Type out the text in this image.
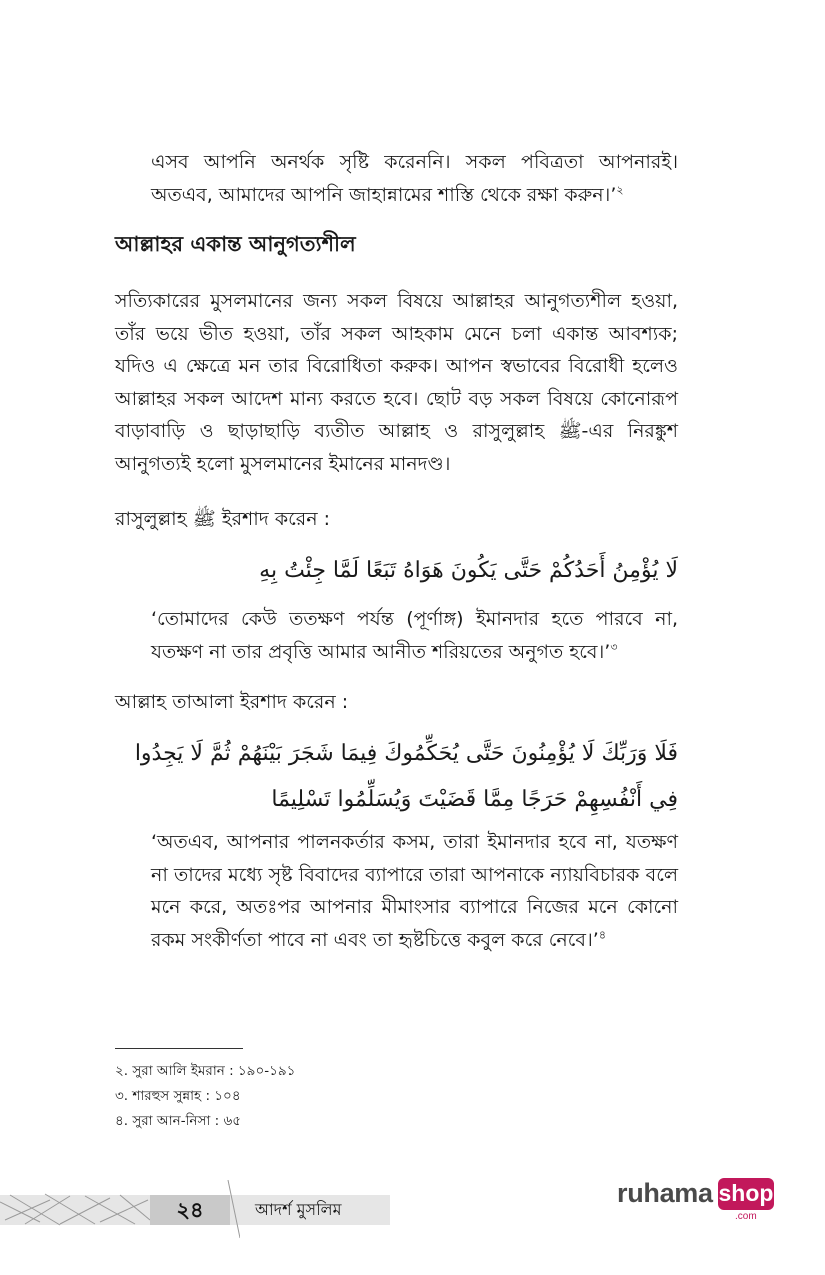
এসব আপনি অনর্থক সৃষ্টি করেননি। সকল পবিত্রতা আপনারই। অতএব, আমাদের আপনি জাহান্নামের শাস্তি থেকে রক্ষা করুন।’$^২$

আল্লাহর একান্ত আনুগত্যশীল

সত্যিকারের মুসলমানের জন্য সকল বিষয়ে আল্লাহর আনুগত্যশীল হওয়া, তাঁর ভয়ে ভীত হওয়া, তাঁর সকল আহকাম মেনে চলা একান্ত আবশ্যক; যদিও এ ক্ষেত্রে মন তার বিরোধিতা করুক। আপন স্বভাবের বিরোধী হলেও আল্লাহর সকল আদেশ মান্য করতে হবে। ছোট বড় সকল বিষয়ে কোনোরূপ বাড়াবাড়ি ও ছাড়াছাড়ি ব্যতীত আল্লাহ ও রাসুলুল্লাহ ﷺ-এর নিরঙ্কুশ আনুগত্যই হলো মুসলমানের ইমানের মানদণ্ড।

রাসুলুল্লাহ ﷺ ইরশাদ করেন :

لَا يُؤْمِنُ أَحَدُكُمْ حَتَّى يَكُونَ هَوَاهُ تَبَعًا لَمَّا جِئْتُ بِهِ

‘তোমাদের কেউ ততক্ষণ পর্যন্ত (পূর্ণাঙ্গ) ইমানদার হতে পারবে না, যতক্ষণ না তার প্রবৃত্তি আমার আনীত শরিয়তের অনুগত হবে।’$^৩$

আল্লাহ তাআলা ইরশাদ করেন :

فَلَا وَرَبِّكَ لَا يُؤْمِنُونَ حَتَّى يُحَكِّمُوكَ فِيمَا شَجَرَ بَيْنَهُمْ ثُمَّ لَا يَجِدُوا فِي أَنْفُسِهِمْ حَرَجًا مِمَّا قَضَيْتَ وَيُسَلِّمُوا تَسْلِيمًا

‘অতএব, আপনার পালনকর্তার কসম, তারা ইমানদার হবে না, যতক্ষণ না তাদের মধ্যে সৃষ্ট বিবাদের ব্যাপারে তারা আপনাকে ন্যায়বিচারক বলে মনে করে, অতঃপর আপনার মীমাংসার ব্যাপারে নিজের মনে কোনো রকম সংকীর্ণতা পাবে না এবং তা হৃষ্টচিত্তে কবুল করে নেবে।’$^৪$

২. সুরা আলি ইমরান : ১৯০-১৯১
৩. শারহুস সুন্নাহ : ১০৪
৪. সুরা আন-নিসা : ৬৫
২৪	আদর্শ মুসলিম
ruhama shop
.com
